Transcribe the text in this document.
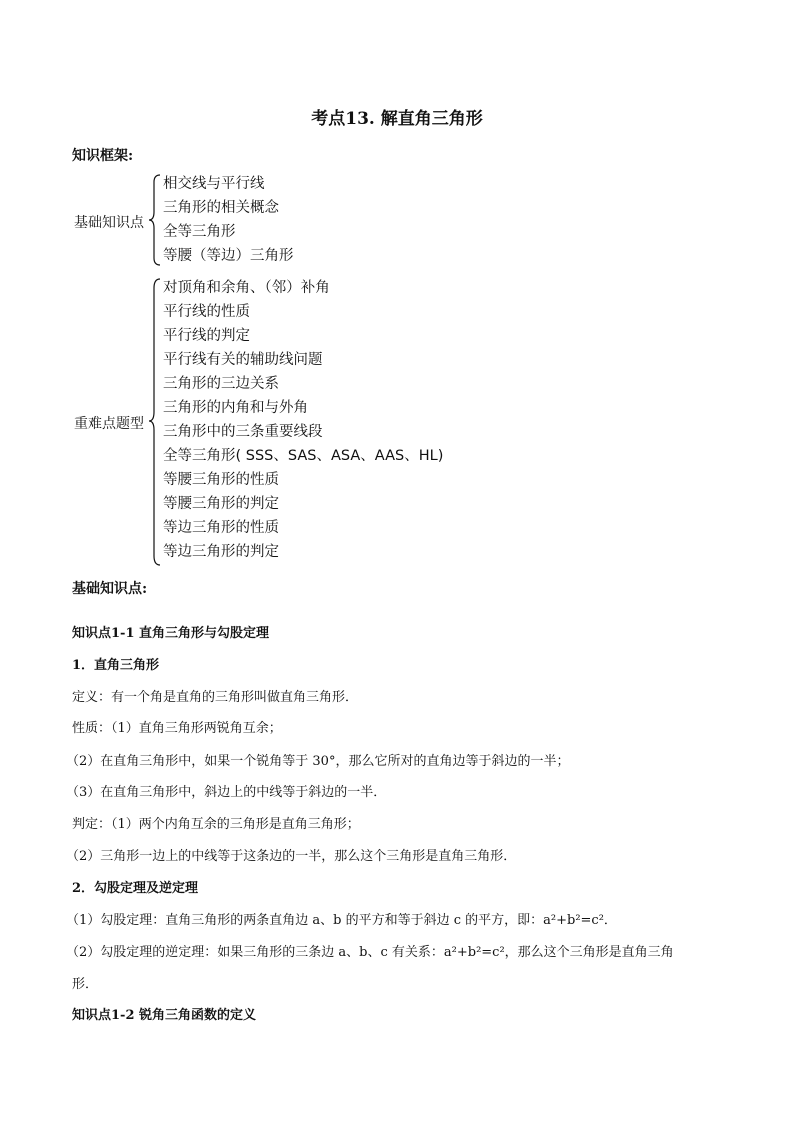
考点13. 解直角三角形
知识框架:
基础知识点
相交线与平行线
三角形的相关概念
全等三角形
等腰（等边）三角形
重难点题型
对顶角和余角、（邻）补角
平行线的性质
平行线的判定
平行线有关的辅助线问题
三角形的三边关系
三角形的内角和与外角
三角形中的三条重要线段
全等三角形( SSS、SAS、ASA、AAS、HL)
等腰三角形的性质
等腰三角形的判定
等边三角形的性质
等边三角形的判定
基础知识点:
知识点1-1 直角三角形与勾股定理
1．直角三角形
定义：有一个角是直角的三角形叫做直角三角形．
性质：（1）直角三角形两锐角互余；
（2）在直角三角形中，如果一个锐角等于 30°，那么它所对的直角边等于斜边的一半；
（3）在直角三角形中，斜边上的中线等于斜边的一半．
判定：（1）两个内角互余的三角形是直角三角形；
（2）三角形一边上的中线等于这条边的一半，那么这个三角形是直角三角形．
2．勾股定理及逆定理
（1）勾股定理：直角三角形的两条直角边 a、b 的平方和等于斜边 c 的平方，即：a²+b²=c²．
（2）勾股定理的逆定理：如果三角形的三条边 a、b、c 有关系：a²+b²=c²，那么这个三角形是直角三角
形．
知识点1-2 锐角三角函数的定义
